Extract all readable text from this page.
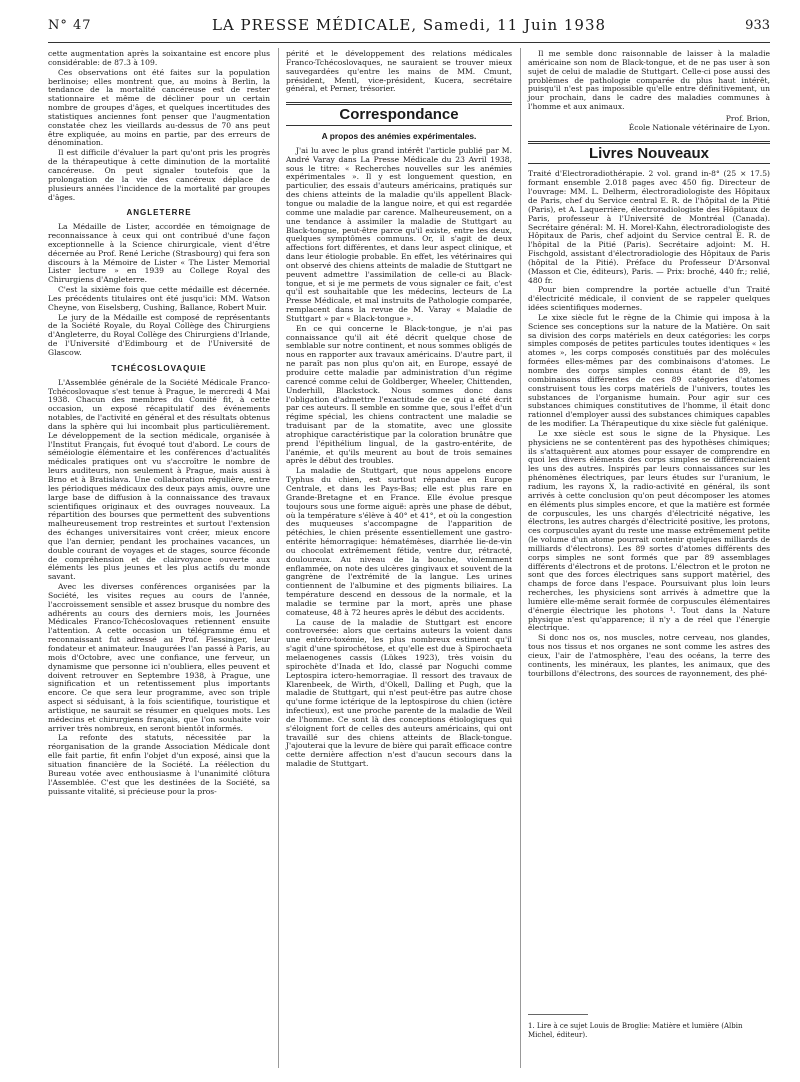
N° 47	LA PRESSE MÉDICALE, Samedi, 11 Juin 1938	933

cette augmentation après la soixantaine est encore plus considérable: de 87.3 à 109.

Ces observations ont été faites sur la population berlinoise; elles montrent que, au moins à Berlin, la tendance de la mortalité cancéreuse est de rester stationnaire et même de décliner pour un certain nombre de groupes d'âges, et quelques incertitudes des statistiques anciennes font penser que l'augmentation constatée chez les vieillards au-dessus de 70 ans peut être expliquée, au moins en partie, par des erreurs de dénomination.

Il est difficile d'évaluer la part qu'ont pris les progrès de la thérapeutique à cette diminution de la mortalité cancéreuse. On peut signaler toutefois que la prolongation de la vie des cancéreux déplace de plusieurs années l'incidence de la mortalité par groupes d'âges.

ANGLETERRE

La Médaille de Lister, accordée en témoignage de reconnaissance à ceux qui ont contribué d'une façon exceptionnelle à la Science chirurgicale, vient d'être décernée au Prof. René Leriche (Strasbourg) qui fera son discours à la Mémoire de Lister « The Lister Memorial Lister lecture » en 1939 au College Royal des Chirurgiens d'Angleterre.

C'est la sixième fois que cette médaille est décernée. Les précédents titulaires ont été jusqu'ici: MM. Watson Cheyne, von Eiselsberg, Cushing, Ballance, Robert Muir.

Le jury de la Médaille est composé de représentants de la Société Royale, du Royal Collège des Chirurgiens d'Angleterre, du Royal Collège des Chirurgiens d'Irlande, de l'Université d'Edimbourg et de l'Université de Glascow.

TCHÉCOSLOVAQUIE

L'Assemblée générale de la Société Médicale Franco-Tchécoslovaque s'est tenue à Prague, le mercredi 4 Mai 1938. Chacun des membres du Comité fit, à cette occasion, un exposé récapitulatif des événements notables, de l'activité en général et des résultats obtenus dans la sphère qui lui incombait plus particulièrement. Le développement de la section médicale, organisée à l'Institut Français, fut évoqué tout d'abord. Le cours de séméiologie élémentaire et les conférences d'actualités médicales pratiques ont vu s'accroître le nombre de leurs auditeurs, non seulement à Prague, mais aussi à Brno et à Bratislava. Une collaboration régulière, entre les périodiques médicaux des deux pays amis, ouvre une large base de diffusion à la connaissance des travaux scientifiques originaux et des ouvrages nouveaux. La répartition des bourses que permettent des subventions malheureusement trop restreintes et surtout l'extension des échanges universitaires vont créer, mieux encore que l'an dernier, pendant les prochaines vacances, un double courant de voyages et de stages, source féconde de compréhension et de clairvoyance ouverte aux éléments les plus jeunes et les plus actifs du monde savant.

Avec les diverses conférences organisées par la Société, les visites reçues au cours de l'année, l'accroissement sensible et assez brusque du nombre des adhérents au cours des derniers mois, les Journées Médicales Franco-Tchécoslovaques retiennent ensuite l'attention. A cette occasion un télégramme ému et reconnaissant fut adressé au Prof. Fiessinger, leur fondateur et animateur. Inaugurées l'an passé à Paris, au mois d'Octobre, avec une confiance, une ferveur, un dynamisme que personne ici n'oubliera, elles peuvent et doivent retrouver en Septembre 1938, à Prague, une signification et un retentissement plus importants encore. Ce que sera leur programme, avec son triple aspect si séduisant, à la fois scientifique, touristique et artistique, ne saurait se résumer en quelques mots. Les médecins et chirurgiens français, que l'on souhaite voir arriver très nombreux, en seront bientôt informés.

La refonte des statuts, nécessitée par la réorganisation de la grande Association Médicale dont elle fait partie, fit enfin l'objet d'un exposé, ainsi que la situation financière de la Société. La réélection du Bureau votée avec enthousiasme à l'unanimité clôtura l'Assemblée. C'est que les destinées de la Société, sa puissante vitalité, si précieuse pour la pros-

périté et le développement des relations médicales Franco-Tchécoslovaques, ne sauraient se trouver mieux sauvegardées qu'entre les mains de MM. Cmunt, président, Mentl, vice-président, Kucera, secrétaire général, et Perner, trésorier.

Correspondance
A propos des anémies expérimentales.

J'ai lu avec le plus grand intérêt l'article publié par M. André Varay dans La Presse Médicale du 23 Avril 1938, sous le titre: « Recherches nouvelles sur les anémies expérimentales ». Il y est longuement question, en particulier, des essais d'auteurs américains, pratiqués sur des chiens atteints de la maladie qu'ils appellent Black-tongue ou maladie de la langue noire, et qui est regardée comme une maladie par carence. Malheureusement, on a une tendance à assimiler la maladie de Stuttgart au Black-tongue, peut-être parce qu'il existe, entre les deux, quelques symptômes communs. Or, il s'agit de deux affections fort différentes, et dans leur aspect clinique, et dans leur étiologie probable. En effet, les vétérinaires qui ont observé des chiens atteints de maladie de Stuttgart ne peuvent admettre l'assimilation de celle-ci au Black-tongue, et si je me permets de vous signaler ce fait, c'est qu'il est souhaitable que les médecins, lecteurs de La Presse Médicale, et mal instruits de Pathologie comparée, remplacent dans la revue de M. Varay « Maladie de Stuttgart » par « Black-tongue ».

En ce qui concerne le Black-tongue, je n'ai pas connaissance qu'il ait été décrit quelque chose de semblable sur notre continent, et nous sommes obligés de nous en rapporter aux travaux américains. D'autre part, il ne paraît pas non plus qu'on ait, en Europe, essayé de produire cette maladie par administration d'un régime carencé comme celui de Goldberger, Wheeler, Chittenden, Underhill, Blackstock. Nous sommes donc dans l'obligation d'admettre l'exactitude de ce qui a été écrit par ces auteurs. Il semble en somme que, sous l'effet d'un régime spécial, les chiens contractent une maladie se traduisant par de la stomatite, avec une glossite atrophique caractéristique par la coloration brunâtre que prend l'épithélium lingual, de la gastro-entérite, de l'anémie, et qu'ils meurent au bout de trois semaines après le début des troubles.

La maladie de Stuttgart, que nous appelons encore Typhus du chien, est surtout répandue en Europe Centrale, et dans les Pays-Bas; elle est plus rare en Grande-Bretagne et en France. Elle évolue presque toujours sous une forme aiguë: après une phase de début, où la température s'élève à 40° et 41°, et où la congestion des muqueuses s'accompagne de l'apparition de pétéchies, le chien présente essentiellement une gastro-entérite hémorragique: hématémèses, diarrhée lie-de-vin ou chocolat extrêmement fétide, ventre dur, rétracté, douloureux. Au niveau de la bouche, violemment enflammée, on note des ulcères gingivaux et souvent de la gangrène de l'extrémité de la langue. Les urines contiennent de l'albumine et des pigments biliaires. La température descend en dessous de la normale, et la maladie se termine par la mort, après une phase comateuse, 48 à 72 heures après le début des accidents.

La cause de la maladie de Stuttgart est encore controversée: alors que certains auteurs la voient dans une entéro-toxémie, les plus nombreux estiment qu'il s'agit d'une spirochétose, et qu'elle est due à Spirochaeta melaenogenes cassis (Lükes 1923), très voisin du spirochète d'Inada et Ido, classé par Noguchi comme Leptospira ictero-hemorragiae. Il ressort des travaux de Klarenbeek, de Wirth, d'Okell, Dalling et Pugh, que la maladie de Stuttgart, qui n'est peut-être pas autre chose qu'une forme ictérique de la leptospirose du chien (ictère infectieux), est une proche parente de la maladie de Weil de l'homme. Ce sont là des conceptions étiologiques qui s'éloignent fort de celles des auteurs américains, qui ont travaillé sur des chiens atteints de Black-tongue. J'ajouterai que la levure de bière qui paraît efficace contre cette dernière affection n'est d'aucun secours dans la maladie de Stuttgart.

Il me semble donc raisonnable de laisser à la maladie américaine son nom de Black-tongue, et de ne pas user à son sujet de celui de maladie de Stuttgart. Celle-ci pose aussi des problèmes de pathologie comparée du plus haut intérêt, puisqu'il n'est pas impossible qu'elle entre définitivement, un jour prochain, dans le cadre des maladies communes à l'homme et aux animaux.

Prof. Brion,
École Nationale vétérinaire de Lyon.
Livres Nouveaux

Traité d'Electroradiothérapie. 2 vol. grand in-8° (25 × 17.5) formant ensemble 2.018 pages avec 450 fig. Directeur de l'ouvrage: MM. L. Delherm, électroradiologiste des Hôpitaux de Paris, chef du Service central E. R. de l'hôpital de la Pitié (Paris), et A. Laquerrière, électroradiologiste des Hôpitaux de Paris, professeur à l'Université de Montréal (Canada). Secrétaire général: M. H. Morel-Kahn, électroradiologiste des Hôpitaux de Paris, chef adjoint du Service central E. R. de l'hôpital de la Pitié (Paris). Secrétaire adjoint: M. H. Fischgold, assistant d'électroradiologie des Hôpitaux de Paris (hôpital de la Pitié). Préface du Professeur D'Arsonval (Masson et Cie, éditeurs), Paris. — Prix: broché, 440 fr.; relié, 480 fr.

Pour bien comprendre la portée actuelle d'un Traité d'électricité médicale, il convient de se rappeler quelques idées scientifiques modernes.

Le xixe siècle fut le règne de la Chimie qui imposa à la Science ses conceptions sur la nature de la Matière. On sait sa division des corps matériels en deux catégories: les corps simples composés de petites particules toutes identiques « les atomes », les corps composés constitués par des molécules formées elles-mêmes par des combinaisons d'atomes. Le nombre des corps simples connus étant de 89, les combinaisons différentes de ces 89 catégories d'atomes construisent tous les corps matériels de l'univers, toutes les substances de l'organisme humain. Pour agir sur ces substances chimiques constitutives de l'homme, il était donc rationnel d'employer aussi des substances chimiques capables de les modifier. La Thérapeutique du xixe siècle fut galénique.

Le xxe siècle est sous le signe de la Physique. Les physiciens ne se contentèrent pas des hypothèses chimiques; ils s'attaquèrent aux atomes pour essayer de comprendre en quoi les divers éléments des corps simples se différenciaient les uns des autres. Inspirés par leurs connaissances sur les phénomènes électriques, par leurs études sur l'uranium, le radium, les rayons X, la radio-activité en général, ils sont arrivés à cette conclusion qu'on peut décomposer les atomes en éléments plus simples encore, et que la matière est formée de corpuscules, les uns chargés d'électricité négative, les électrons, les autres chargés d'électricité positive, les protons, ces corpuscules ayant du reste une masse extrêmement petite (le volume d'un atome pourrait contenir quelques milliards de milliards d'électrons). Les 89 sortes d'atomes différents des corps simples ne sont formés que par 89 assemblages différents d'électrons et de protons. L'électron et le proton ne sont que des forces électriques sans support matériel, des champs de force dans l'espace. Poursuivant plus loin leurs recherches, les physiciens sont arrivés à admettre que la lumière elle-même serait formée de corpuscules élémentaires d'énergie électrique les photons ¹. Tout dans la Nature physique n'est qu'apparence; il n'y a de réel que l'énergie électrique.

Si donc nos os, nos muscles, notre cerveau, nos glandes, tous nos tissus et nos organes ne sont comme les astres des cieux, l'air de l'atmosphère, l'eau des océans, la terre des continents, les minéraux, les plantes, les animaux, que des tourbillons d'électrons, des sources de rayonnement, des phé-

1. Lire à ce sujet Louis de Broglie: Matière et lumière (Albin Michel, éditeur).
